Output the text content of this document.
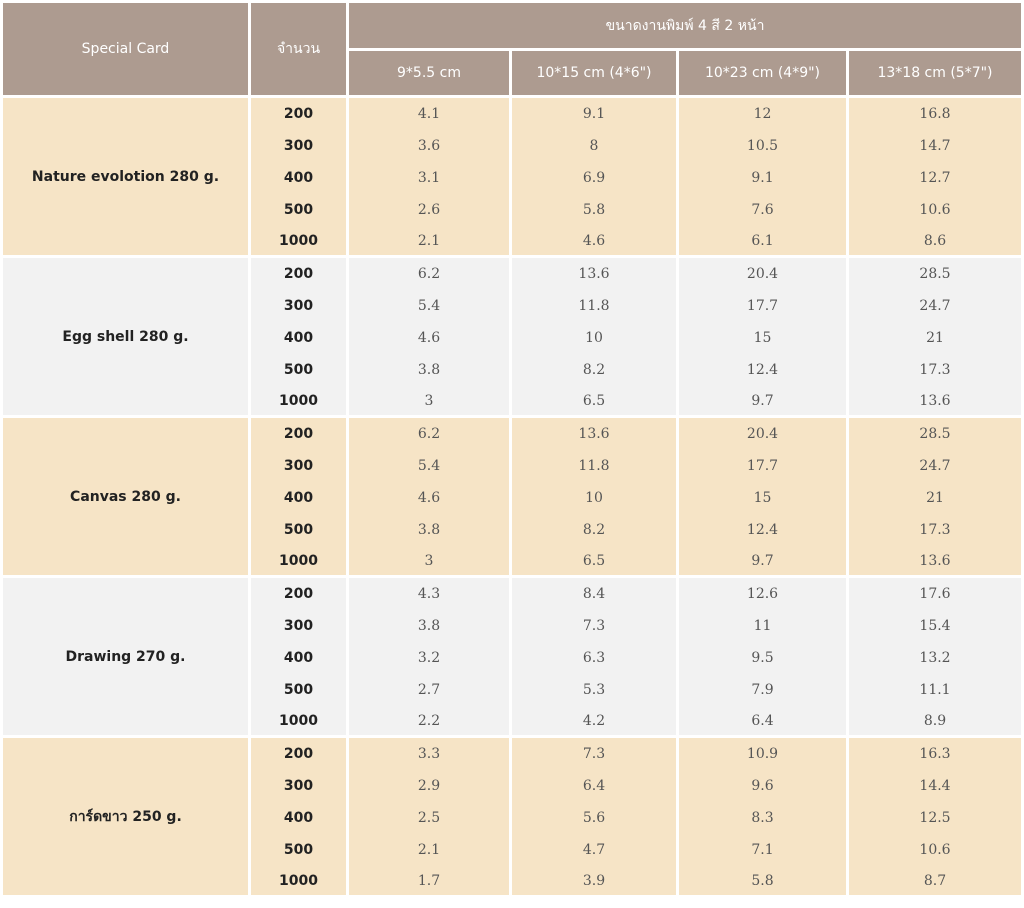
Special Card	จำนวน	ขนาดงานพิมพ์ 4 สี 2 หน้า			
		9*5.5 cm	10*15 cm (4*6")	10*23 cm (4*9")	13*18 cm (5*7")
Nature evolotion 280 g.	200	4.1	9.1	12	16.8
	300	3.6	8	10.5	14.7
	400	3.1	6.9	9.1	12.7
	500	2.6	5.8	7.6	10.6
	1000	2.1	4.6	6.1	8.6
Egg shell 280 g.	200	6.2	13.6	20.4	28.5
	300	5.4	11.8	17.7	24.7
	400	4.6	10	15	21
	500	3.8	8.2	12.4	17.3
	1000	3	6.5	9.7	13.6
Canvas 280 g.	200	6.2	13.6	20.4	28.5
	300	5.4	11.8	17.7	24.7
	400	4.6	10	15	21
	500	3.8	8.2	12.4	17.3
	1000	3	6.5	9.7	13.6
Drawing 270 g.	200	4.3	8.4	12.6	17.6
	300	3.8	7.3	11	15.4
	400	3.2	6.3	9.5	13.2
	500	2.7	5.3	7.9	11.1
	1000	2.2	4.2	6.4	8.9
การ์ดขาว 250 g.	200	3.3	7.3	10.9	16.3
	300	2.9	6.4	9.6	14.4
	400	2.5	5.6	8.3	12.5
	500	2.1	4.7	7.1	10.6
	1000	1.7	3.9	5.8	8.7
